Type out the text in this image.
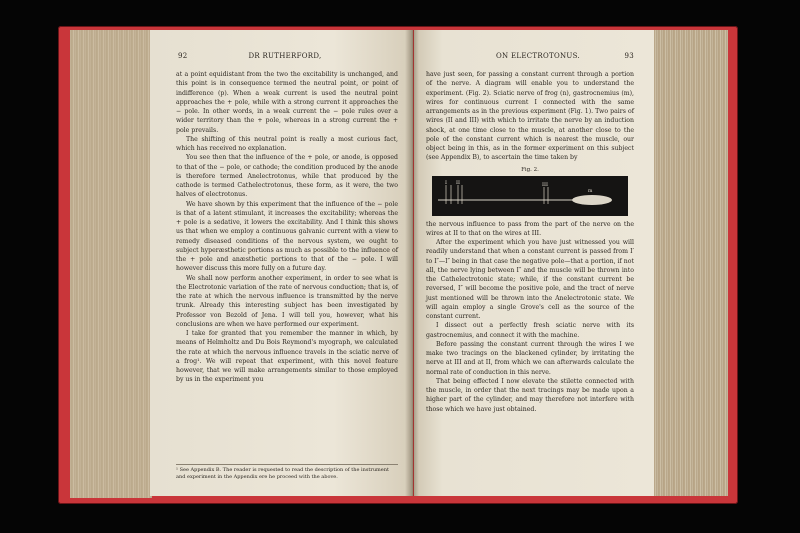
92	DR RUTHERFORD,

at a point equidistant from the two the excitability is unchanged, and this point is in consequence termed the neutral point, or point of indifference (p). When a weak current is used the neutral point approaches the + pole, while with a strong current it approaches the − pole. In other words, in a weak current the − pole rules over a wider territory than the + pole, whereas in a strong current the + pole prevails.

The shifting of this neutral point is really a most curious fact, which has received no explanation.

You see then that the influence of the + pole, or anode, is opposed to that of the − pole, or cathode; the condition produced by the anode is therefore termed Anelectrotonus, while that produced by the cathode is termed Cathelectrotonus, these form, as it were, the two halves of electrotonus.

We have shown by this experiment that the influence of the − pole is that of a latent stimulant, it increases the excitability; whereas the + pole is a sedative, it lowers the excitability. And I think this shows us that when we employ a continuous galvanic current with a view to remedy diseased conditions of the nervous system, we ought to subject hyperæsthetic portions as much as possible to the influence of the + pole and anæsthetic portions to that of the − pole. I will however discuss this more fully on a future day.

We shall now perform another experiment, in order to see what is the Electrotonic variation of the rate of nervous conduction; that is, of the rate at which the nervous influence is transmitted by the nerve trunk. Already this interesting subject has been investigated by Professor von Bezold of Jena. I will tell you, however, what his conclusions are when we have performed our experiment.

I take for granted that you remember the manner in which, by means of Helmholtz and Du Bois Reymond's myograph, we calculated the rate at which the nervous influence travels in the sciatic nerve of a frog¹. We will repeat that experiment, with this novel feature however, that we will make arrangements similar to those employed by us in the experiment you

¹ See Appendix B. The reader is requested to read the description of the instrument and experiment in the Appendix ere he proceed with the above.
ON ELECTROTONUS.	93

have just seen, for passing a constant current through a portion of the nerve. A diagram will enable you to understand the experiment. (Fig. 2). Sciatic nerve of frog (n), gastrocnemius (m), wires for continuous current I connected with the same arrangements as in the previous experiment (Fig. 1). Two pairs of wires (II and III) with which to irritate the nerve by an induction shock, at one time close to the muscle, at another close to the pole of the constant current which is nearest the muscle, our object being in this, as in the former experiment on this subject (see Appendix B), to ascertain the time taken by

Fig. 2.
I II	III
m

the nervous influence to pass from the part of the nerve on the wires at II to that on the wires at III.

After the experiment which you have just witnessed you will readily understand that when a constant current is passed from I′ to I″—I″ being in that case the negative pole—that a portion, if not all, the nerve lying between I″ and the muscle will be thrown into the Cathelectrotonic state; while, if the constant current be reversed, I″ will become the positive pole, and the tract of nerve just mentioned will be thrown into the Anelectrotonic state. We will again employ a single Grove's cell as the source of the constant current.

I dissect out a perfectly fresh sciatic nerve with its gastrocnemius, and connect it with the machine.

Before passing the constant current through the wires I we make two tracings on the blackened cylinder, by irritating the nerve at III and at II, from which we can afterwards calculate the normal rate of conduction in this nerve.

That being effected I now elevate the stilette connected with the muscle, in order that the next tracings may be made upon a higher part of the cylinder, and may therefore not interfere with those which we have just obtained.
